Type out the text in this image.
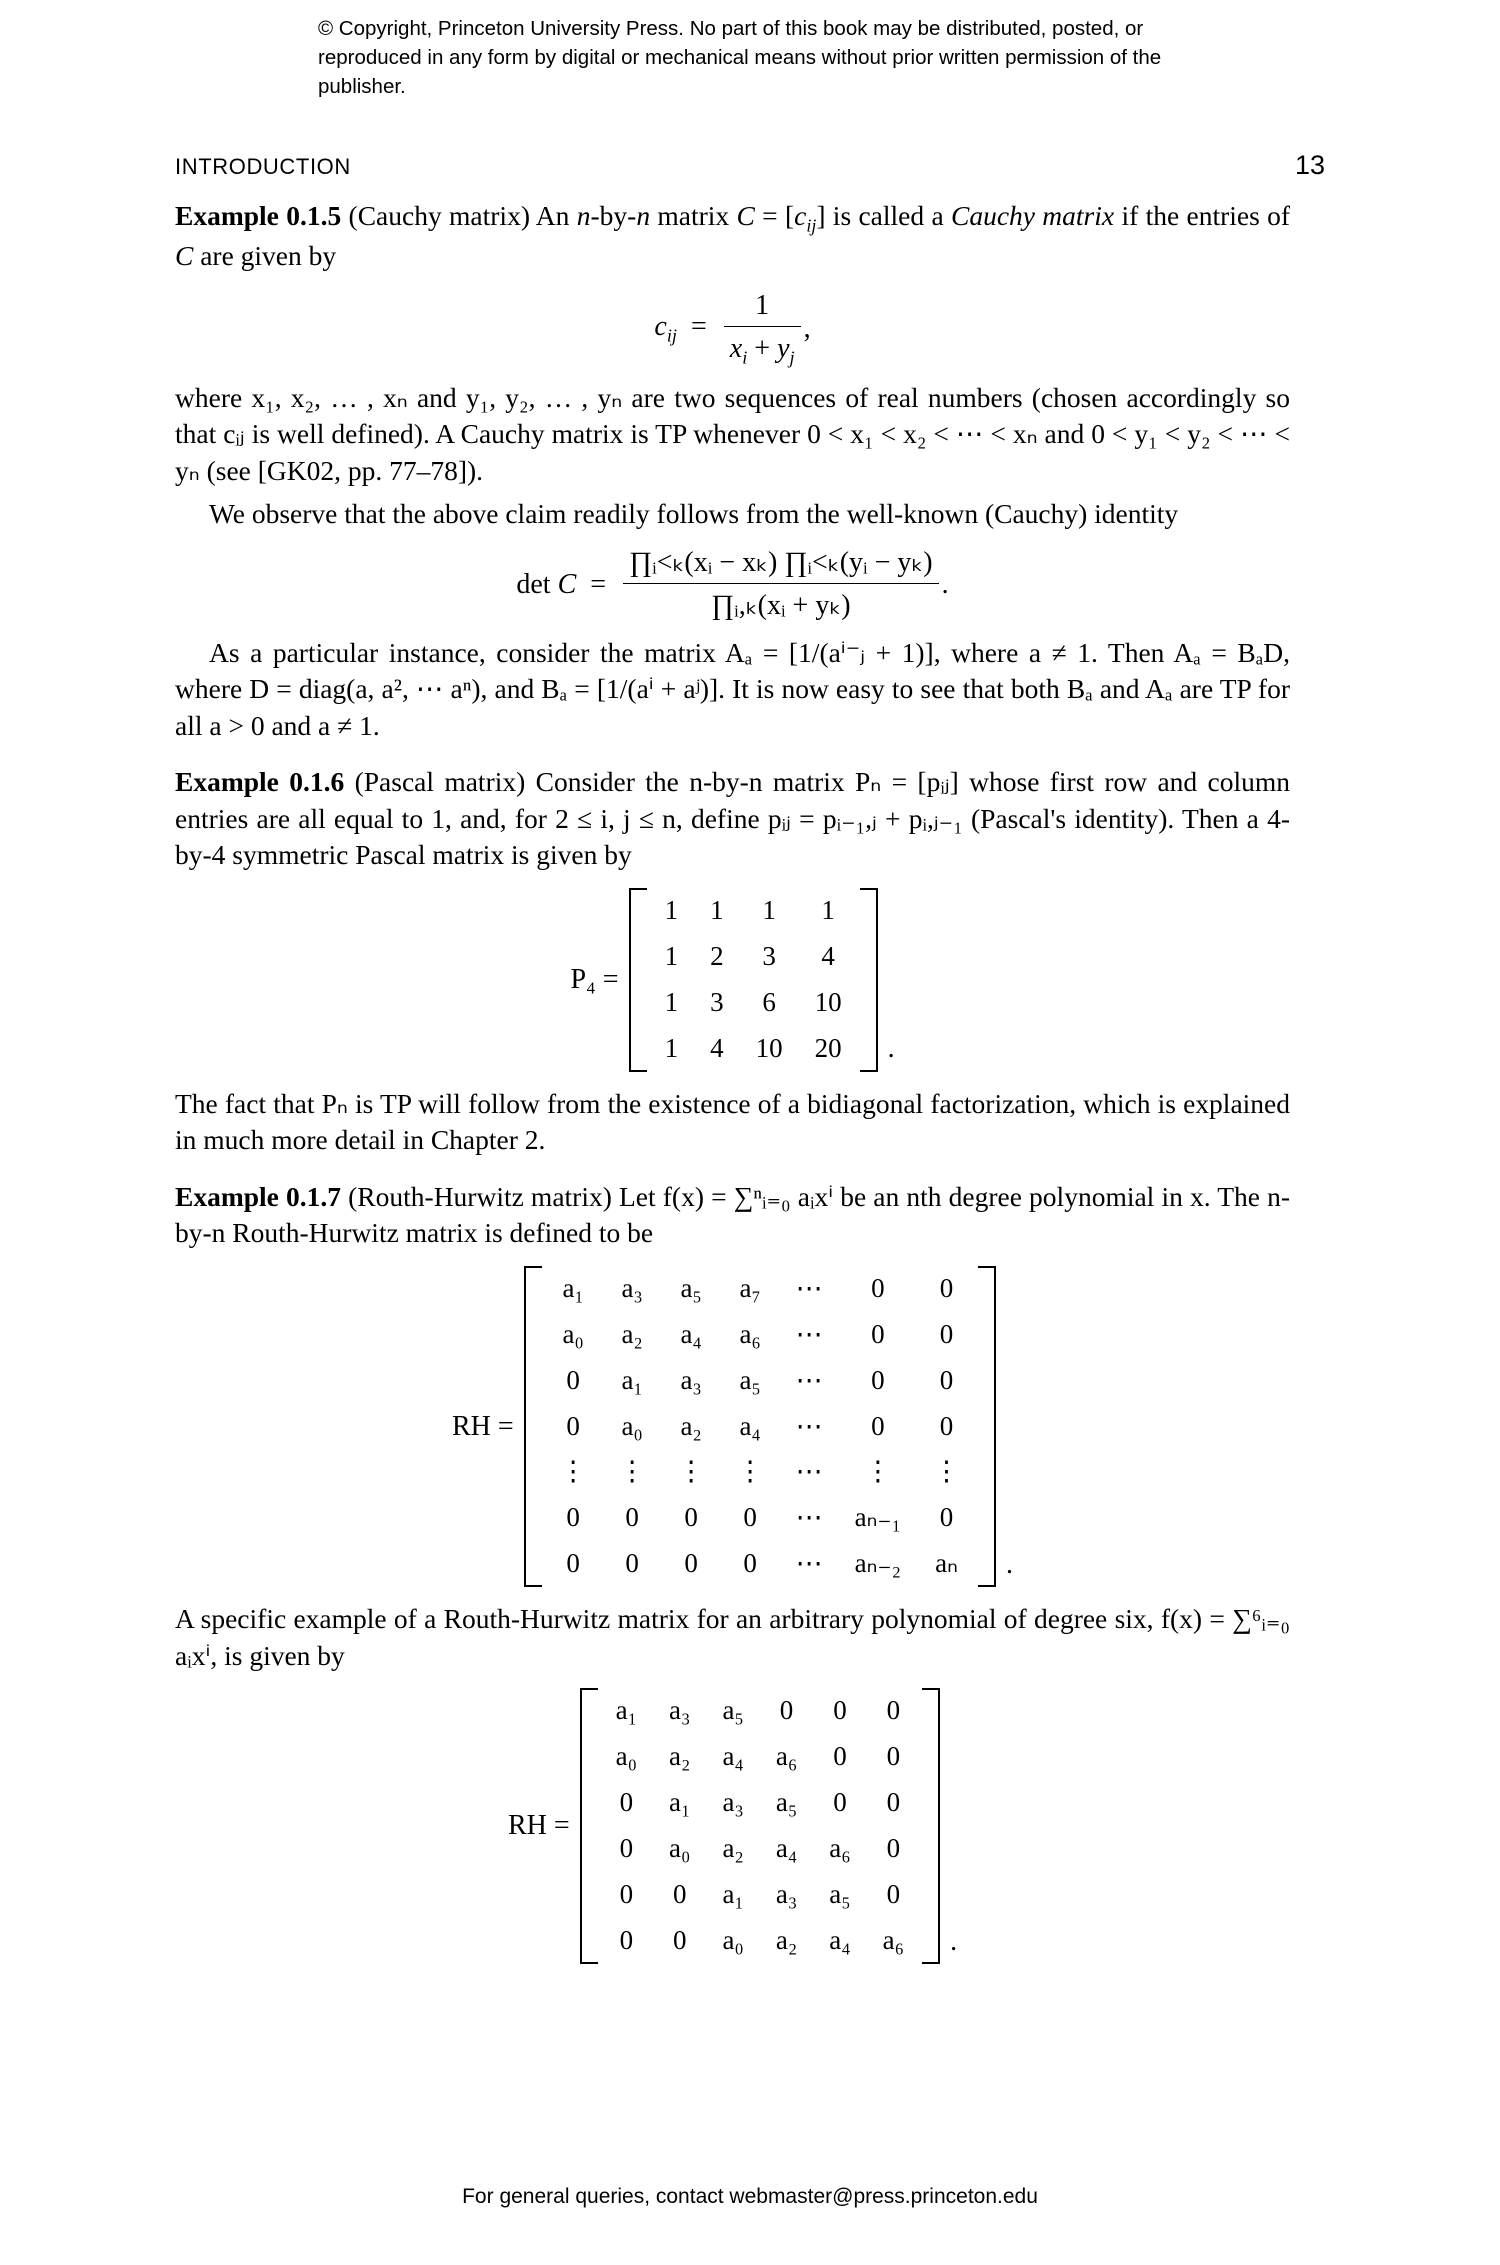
© Copyright, Princeton University Press. No part of this book may be distributed, posted, or reproduced in any form by digital or mechanical means without prior written permission of the publisher.
INTRODUCTION	13

Example 0.1.5 (Cauchy matrix) An n-by-n matrix $C = [c_{ij}]$ is called a Cauchy matrix if the entries of C are given by

$c_{ij} = \frac{1}{x_i + y_j}$ ,

where x₁, x₂, … , xₙ and y₁, y₂, … , yₙ are two sequences of real numbers (chosen accordingly so that cᵢⱼ is well defined). A Cauchy matrix is TP whenever 0 < x₁ < x₂ < ⋯ < xₙ and 0 < y₁ < y₂ < ⋯ < yₙ (see [GK02, pp. 77–78]).

We observe that the above claim readily follows from the well-known (Cauchy) identity

$\det C = \frac{\text{∏ᵢ<ₖ(xᵢ − xₖ) ∏ᵢ<ₖ(yᵢ − yₖ)}}{\text{∏ᵢ,ₖ(xᵢ + yₖ)}}$ .

As a particular instance, consider the matrix Aₐ = [1/(aⁱ⁻ⱼ + 1)], where a ≠ 1. Then Aₐ = BₐD, where D = diag(a, a², ⋯ aⁿ), and Bₐ = [1/(aⁱ + aʲ)]. It is now easy to see that both Bₐ and Aₐ are TP for all a > 0 and a ≠ 1.

Example 0.1.6 (Pascal matrix) Consider the n-by-n matrix Pₙ = [pᵢⱼ] whose first row and column entries are all equal to 1, and, for 2 ≤ i, j ≤ n, define pᵢⱼ = pᵢ₋₁,ⱼ + pᵢ,ⱼ₋₁ (Pascal's identity). Then a 4-by-4 symmetric Pascal matrix is given by

P₄ =
1	1	1	1
1	2	3	4
1	3	6	10
1	4	10	20 .

The fact that Pₙ is TP will follow from the existence of a bidiagonal factorization, which is explained in much more detail in Chapter 2.

Example 0.1.7 (Routh-Hurwitz matrix) Let f(x) = ∑ⁿᵢ₌₀ aᵢxⁱ be an nth degree polynomial in x. The n-by-n Routh-Hurwitz matrix is defined to be

RH =
a₁	a₃	a₅	a₇	⋯	0	0
a₀	a₂	a₄	a₆	⋯	0	0
0	a₁	a₃	a₅	⋯	0	0
0	a₀	a₂	a₄	⋯	0	0
⋮	⋮	⋮	⋮	⋯	⋮	⋮
0	0	0	0	⋯	aₙ₋₁	0
0	0	0	0	⋯	aₙ₋₂	aₙ .

A specific example of a Routh-Hurwitz matrix for an arbitrary polynomial of degree six, f(x) = ∑⁶ᵢ₌₀ aᵢxⁱ, is given by

RH =
a₁	a₃	a₅	0	0	0
a₀	a₂	a₄	a₆	0	0
0	a₁	a₃	a₅	0	0
0	a₀	a₂	a₄	a₆	0
0	0	a₁	a₃	a₅	0
0	0	a₀	a₂	a₄	a₆ .
For general queries, contact webmaster@press.princeton.edu
